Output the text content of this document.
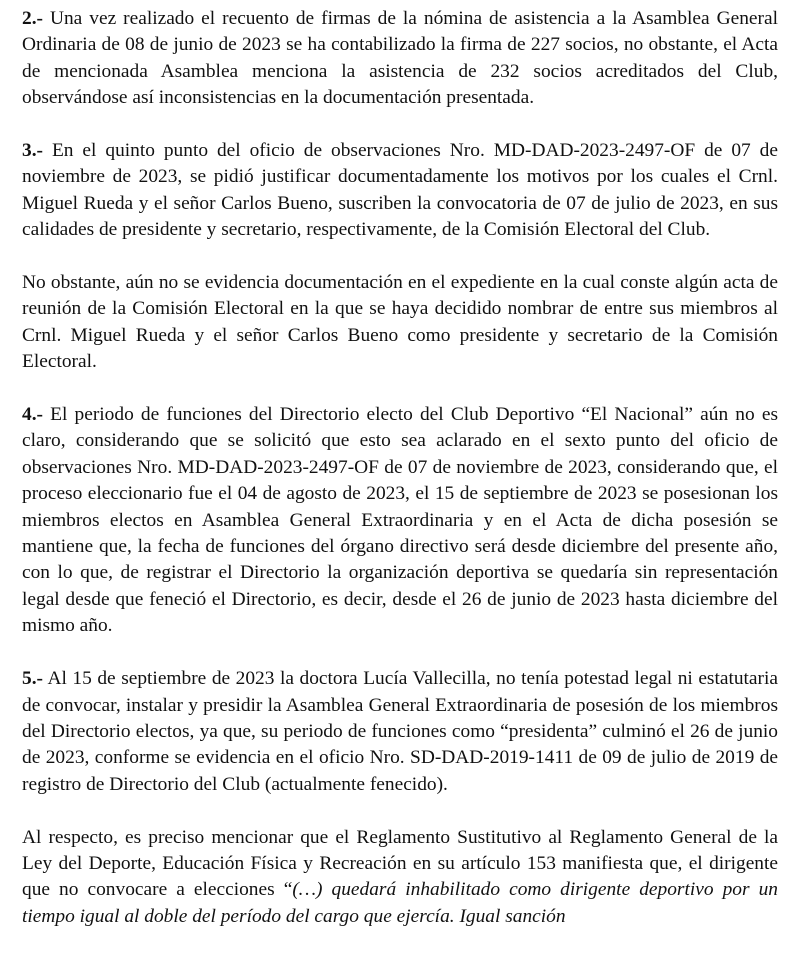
2.- Una vez realizado el recuento de firmas de la nómina de asistencia a la Asamblea General Ordinaria de 08 de junio de 2023 se ha contabilizado la firma de 227 socios, no obstante, el Acta de mencionada Asamblea menciona la asistencia de 232 socios acreditados del Club, observándose así inconsistencias en la documentación presentada.

3.- En el quinto punto del oficio de observaciones Nro. MD-DAD-2023-2497-OF de 07 de noviembre de 2023, se pidió justificar documentadamente los motivos por los cuales el Crnl. Miguel Rueda y el señor Carlos Bueno, suscriben la convocatoria de 07 de julio de 2023, en sus calidades de presidente y secretario, respectivamente, de la Comisión Electoral del Club.

No obstante, aún no se evidencia documentación en el expediente en la cual conste algún acta de reunión de la Comisión Electoral en la que se haya decidido nombrar de entre sus miembros al Crnl. Miguel Rueda y el señor Carlos Bueno como presidente y secretario de la Comisión Electoral.

4.- El periodo de funciones del Directorio electo del Club Deportivo “El Nacional” aún no es claro, considerando que se solicitó que esto sea aclarado en el sexto punto del oficio de observaciones Nro. MD-DAD-2023-2497-OF de 07 de noviembre de 2023, considerando que, el proceso eleccionario fue el 04 de agosto de 2023, el 15 de septiembre de 2023 se posesionan los miembros electos en Asamblea General Extraordinaria y en el Acta de dicha posesión se mantiene que, la fecha de funciones del órgano directivo será desde diciembre del presente año, con lo que, de registrar el Directorio la organización deportiva se quedaría sin representación legal desde que feneció el Directorio, es decir, desde el 26 de junio de 2023 hasta diciembre del mismo año.

5.- Al 15 de septiembre de 2023 la doctora Lucía Vallecilla, no tenía potestad legal ni estatutaria de convocar, instalar y presidir la Asamblea General Extraordinaria de posesión de los miembros del Directorio electos, ya que, su periodo de funciones como “presidenta” culminó el 26 de junio de 2023, conforme se evidencia en el oficio Nro. SD-DAD-2019-1411 de 09 de julio de 2019 de registro de Directorio del Club (actualmente fenecido).

Al respecto, es preciso mencionar que el Reglamento Sustitutivo al Reglamento General de la Ley del Deporte, Educación Física y Recreación en su artículo 153 manifiesta que, el dirigente que no convocare a elecciones “(…) quedará inhabilitado como dirigente deportivo por un tiempo igual al doble del período del cargo que ejercía. Igual sanción
